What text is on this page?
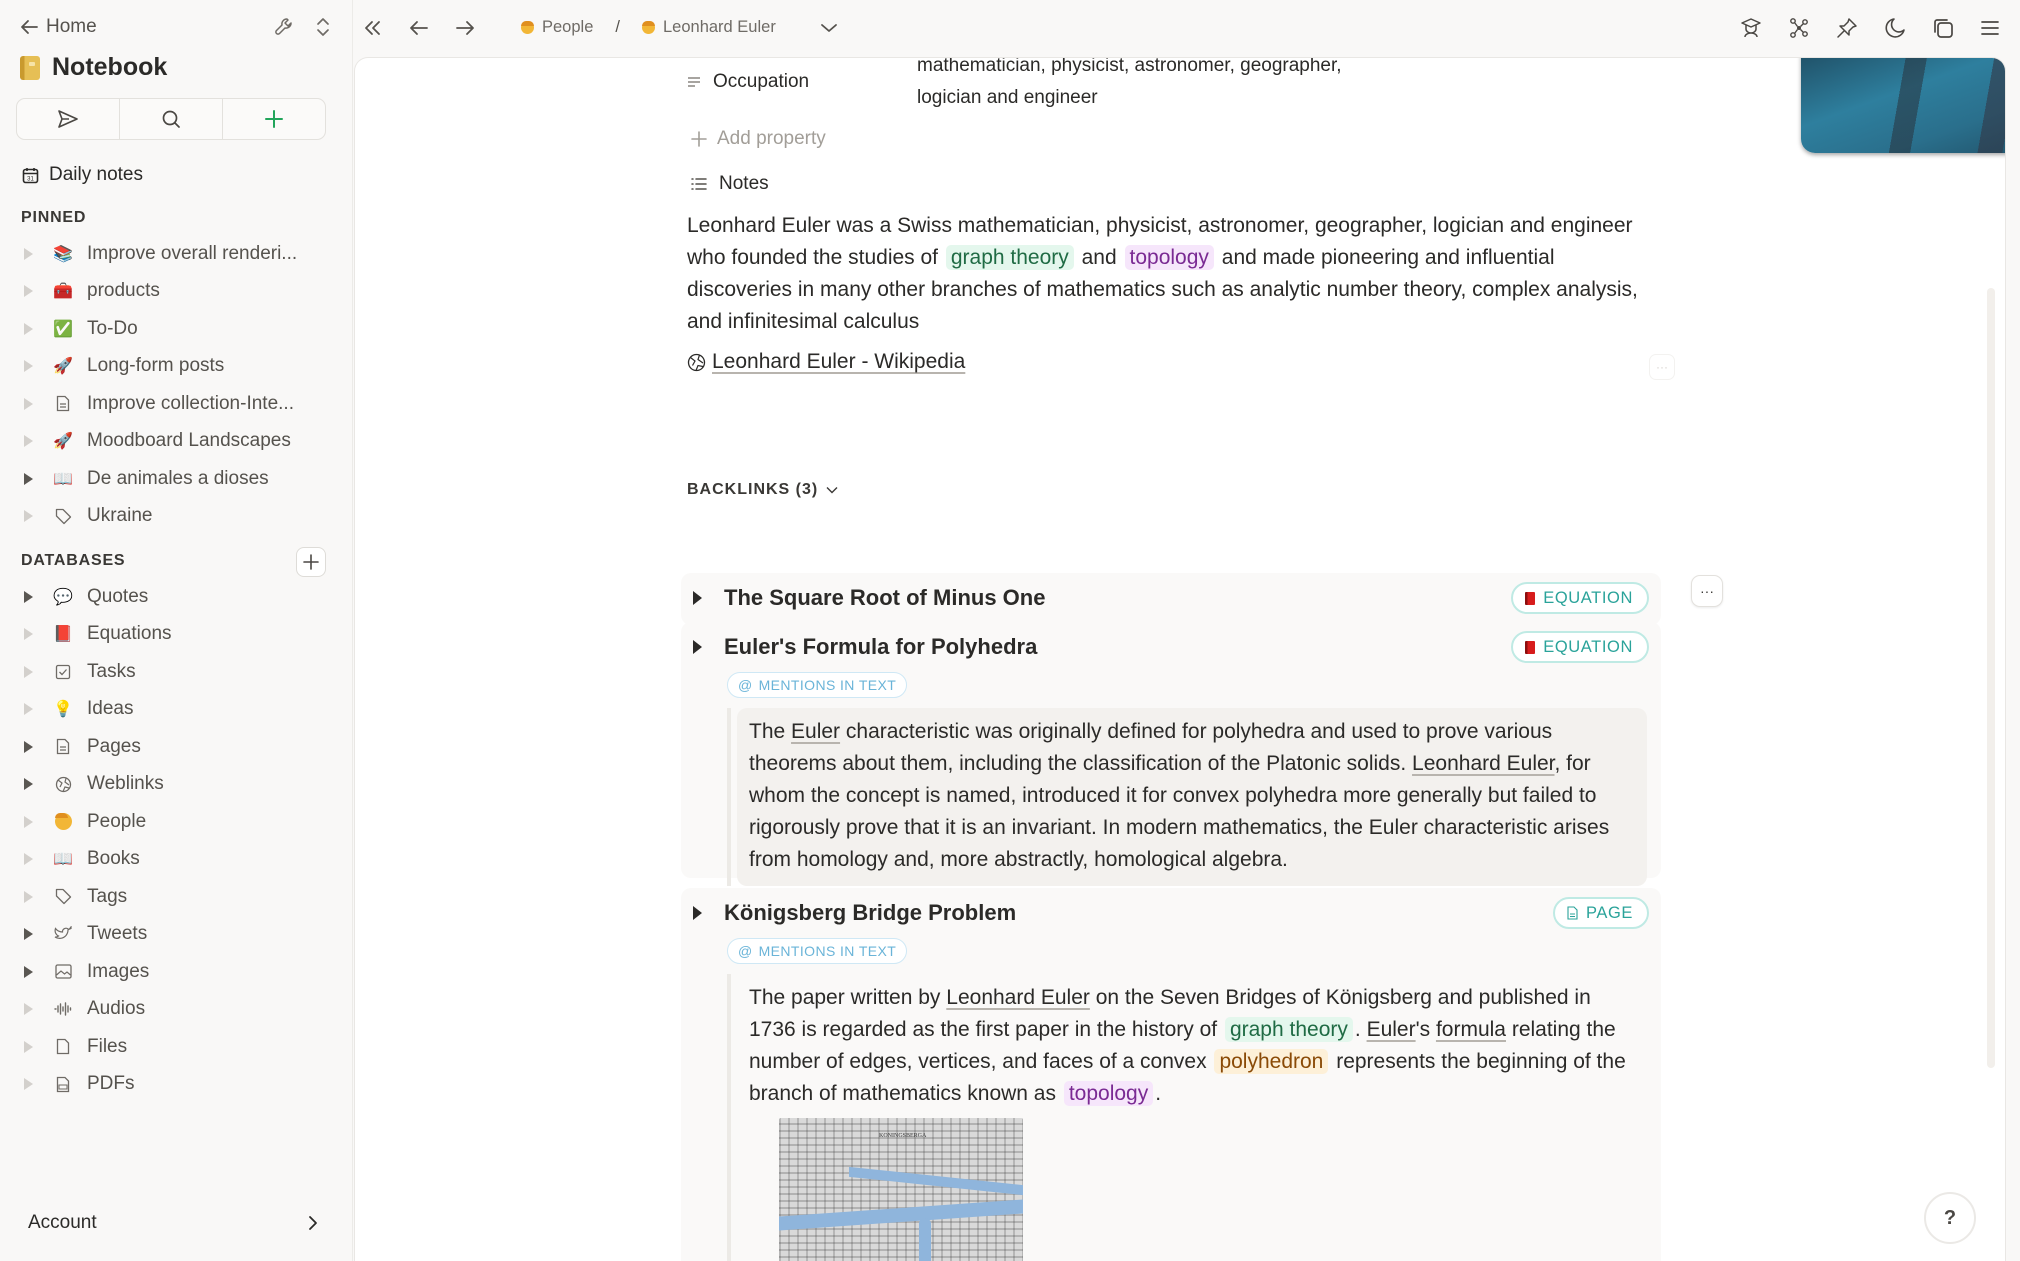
Home
Notebook
31 Daily notes
PINNED
📚 Improve overall renderi...
🧰 products
✅ To-Do
🚀 Long-form posts
Improve collection-Inte...
🚀 Moodboard Landscapes
📖 De animales a dioses
Ukraine
DATABASES
💬 Quotes
📕 Equations
Tasks
💡 Ideas
Pages
Weblinks
People
📖 Books
Tags
Tweets
Images
Audios
Files
PDFs
Account
People /	Leonhard Euler
Occupation
mathematician, physicist, astronomer, geographer, logician and engineer
Add property
Notes
Leonhard Euler was a Swiss mathematician, physicist, astronomer, geographer, logician and engineer who founded the studies of graph theory and topology and made pioneering and influential discoveries in many other branches of mathematics such as analytic number theory, complex analysis, and infinitesimal calculus
Leonhard Euler - Wikipedia	···
BACKLINKS (3)
The Square Root of Minus One	EQUATION
Euler's Formula for Polyhedra	EQUATION
@ MENTIONS IN TEXT
The Euler characteristic was originally defined for polyhedra and used to prove various theorems about them, including the classification of the Platonic solids. Leonhard Euler, for whom the concept is named, introduced it for convex polyhedra more generally but failed to rigorously prove that it is an invariant. In modern mathematics, the Euler characteristic arises from homology and, more abstractly, homological algebra.
Königsberg Bridge Problem	PAGE
@ MENTIONS IN TEXT
The paper written by Leonhard Euler on the Seven Bridges of Königsberg and published in 1736 is regarded as the first paper in the history of graph theory . Euler's formula relating the number of edges, vertices, and faces of a convex polyhedron represents the beginning of the branch of mathematics known as topology .
KONINGSBERGA
···
?
